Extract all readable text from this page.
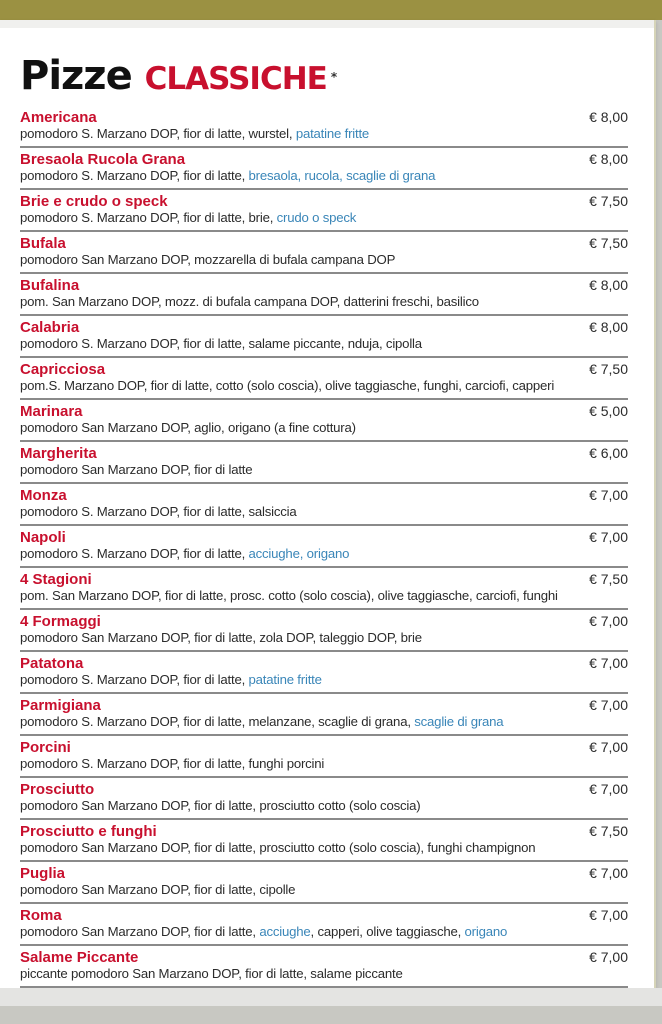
Pizze classiche *
Americana	€ 8,00
pomodoro S. Marzano DOP, fior di latte, wurstel, patatine fritte
Bresaola Rucola Grana	€ 8,00
pomodoro S. Marzano DOP, fior di latte, bresaola, rucola, scaglie di grana
Brie e crudo o speck	€ 7,50
pomodoro S. Marzano DOP, fior di latte, brie, crudo o speck
Bufala	€ 7,50
pomodoro San Marzano DOP, mozzarella di bufala campana DOP
Bufalina	€ 8,00
pom. San Marzano DOP, mozz. di bufala campana DOP, datterini freschi, basilico
Calabria	€ 8,00
pomodoro S. Marzano DOP, fior di latte, salame piccante, nduja, cipolla
Capricciosa	€ 7,50
pom.S. Marzano DOP, fior di latte, cotto (solo coscia), olive taggiasche, funghi, carciofi, capperi
Marinara	€ 5,00
pomodoro San Marzano DOP, aglio, origano (a fine cottura)
Margherita	€ 6,00
pomodoro San Marzano DOP, fior di latte
Monza	€ 7,00
pomodoro S. Marzano DOP, fior di latte, salsiccia
Napoli	€ 7,00
pomodoro S. Marzano DOP, fior di latte, acciughe, origano
4 Stagioni	€ 7,50
pom. San Marzano DOP, fior di latte, prosc. cotto (solo coscia), olive taggiasche, carciofi, funghi
4 Formaggi	€ 7,00
pomodoro San Marzano DOP, fior di latte, zola DOP, taleggio DOP, brie
Patatona	€ 7,00
pomodoro S. Marzano DOP, fior di latte, patatine fritte
Parmigiana	€ 7,00
pomodoro S. Marzano DOP, fior di latte, melanzane, scaglie di grana, scaglie di grana
Porcini	€ 7,00
pomodoro S. Marzano DOP, fior di latte, funghi porcini
Prosciutto	€ 7,00
pomodoro San Marzano DOP, fior di latte, prosciutto cotto (solo coscia)
Prosciutto e funghi	€ 7,50
pomodoro San Marzano DOP, fior di latte, prosciutto cotto (solo coscia), funghi champignon
Puglia	€ 7,00
pomodoro San Marzano DOP, fior di latte, cipolle
Roma	€ 7,00
pomodoro San Marzano DOP, fior di latte, acciughe, capperi, olive taggiasche, origano
Salame Piccante	€ 7,00
piccante pomodoro San Marzano DOP, fior di latte, salame piccante
